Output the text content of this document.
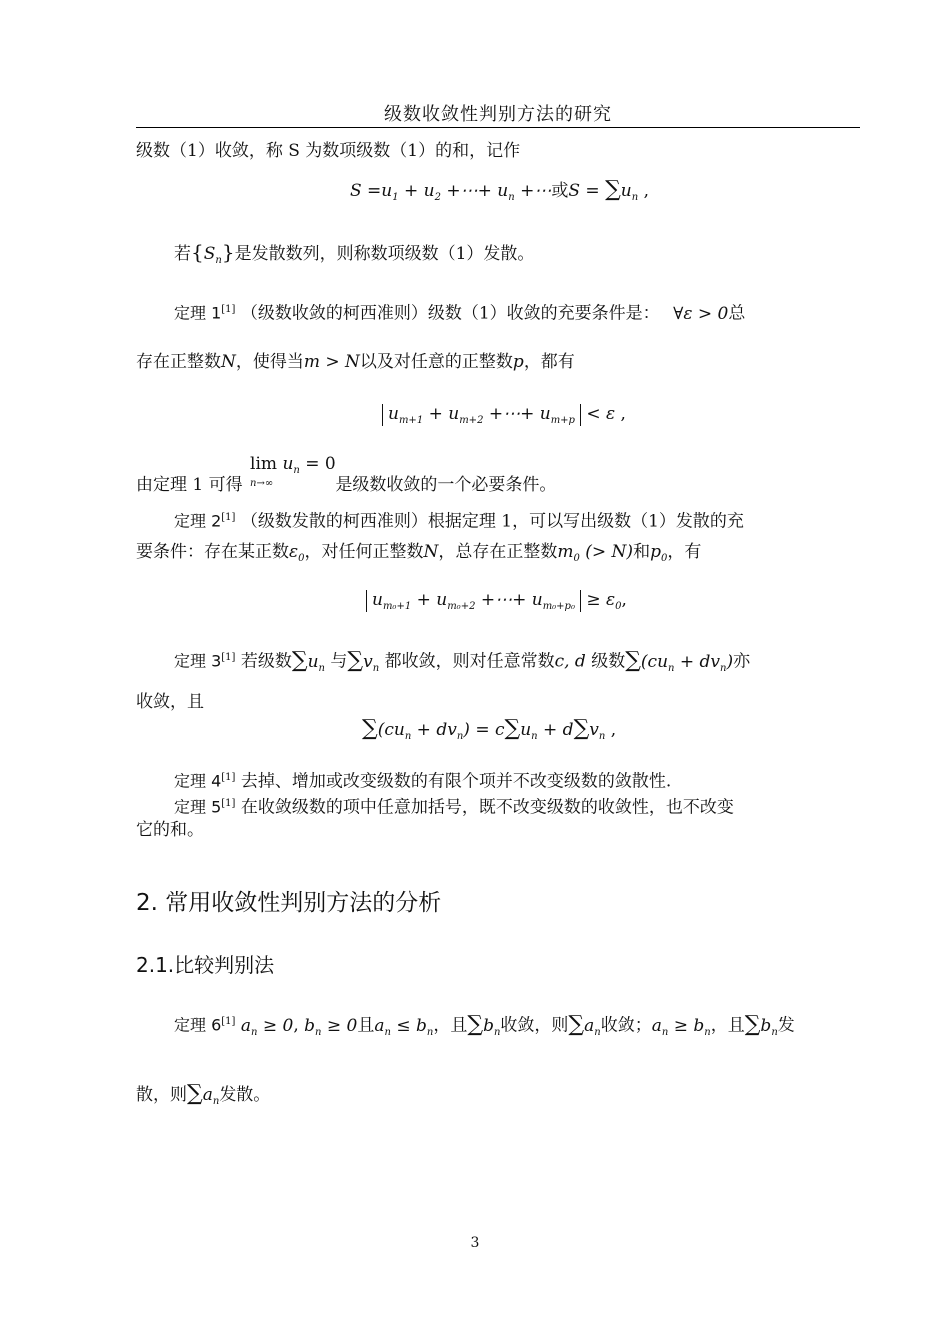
级数收敛性判别方法的研究
级数（1）收敛，称 S 为数项级数（1）的和，记作
$S =u_1 + u_2$ +⋯+ $u_n$ +⋯或$S = \sum u_n$ ,
若$\{S_n\}$是发散数列，则称数项级数（1）发散。
定理 1[1] （级数收敛的柯西准则）级数（1）收敛的充要条件是： ∀ε > 0总
存在正整数N，使得当m > N以及对任意的正整数p，都有
$u_{m+1} + u_{m+2}$ +⋯+ $u_{m+p} < \varepsilon$ ,
由定理 1 可得
$\lim u_n = 0$
n→∞	是级数收敛的一个必要条件。
定理 2[1] （级数发散的柯西准则）根据定理 1，可以写出级数（1）发散的充
要条件：存在某正数$\varepsilon_0$，对任何正整数N，总存在正整数$m_0$ (> N)和$p_0$，有
$u_{m_0+1} + u_{m_0+2}$ +⋯+ $u_{m_0+p_0} \ge \varepsilon_0$,
定理 3[1] 若级数$\sum u_n$ 与$\sum v_n$ 都收敛，则对任意常数c, d 级数$\sum(cu_n + dv_n)$亦
收敛，且
$\sum(cu_n + dv_n) = c\sum u_n + d\sum v_n$ ,
定理 4[1] 去掉、增加或改变级数的有限个项并不改变级数的敛散性.
定理 5[1] 在收敛级数的项中任意加括号，既不改变级数的收敛性，也不改变
它的和。
2. 常用收敛性判别方法的分析
2.1.比较判别法
定理 6[1] $a_n \ge 0$, $b_n \ge 0$且$a_n \le b_n$，且$\sum b_n$收敛，则$\sum a_n$收敛；$a_n \ge b_n$，且$\sum b_n$发
散，则$\sum a_n$发散。
3
